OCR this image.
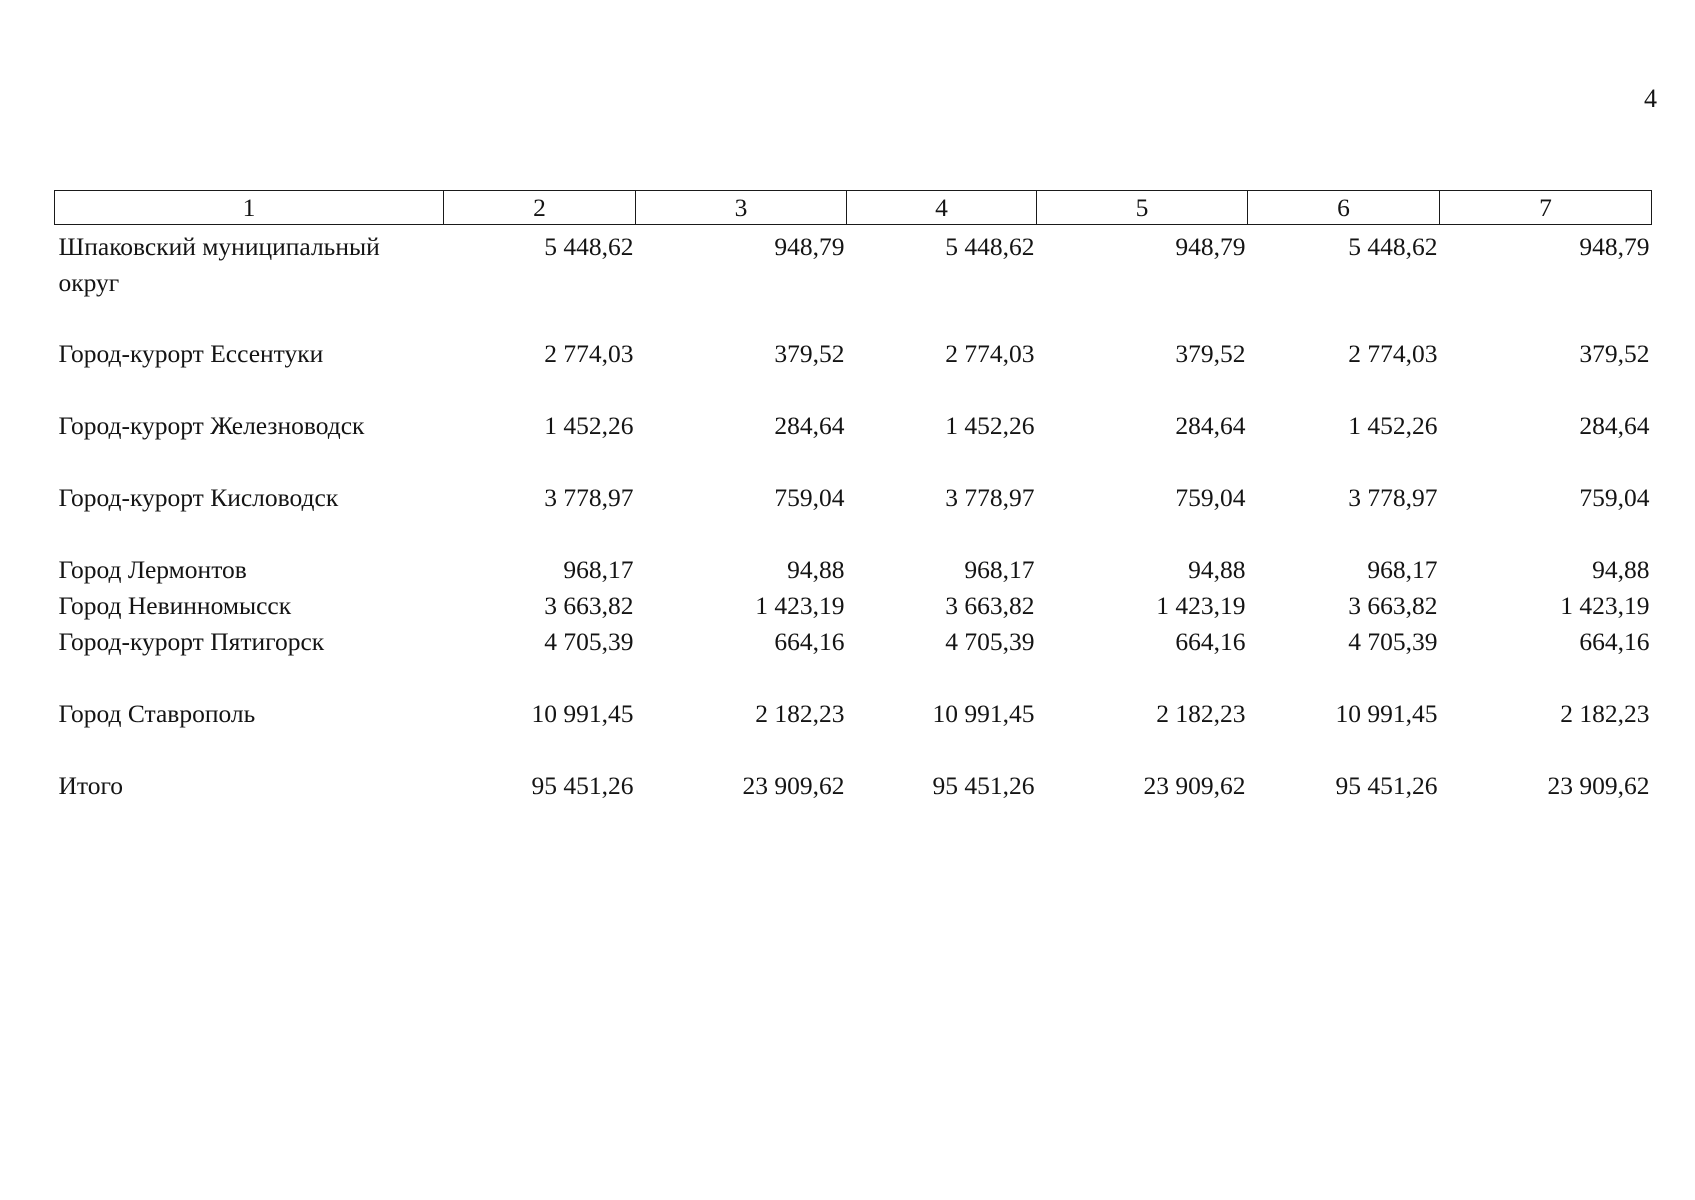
4
1	2	3	4	5	6	7
Шпаковский муниципальный округ	5 448,62	948,79	5 448,62	948,79	5 448,62	948,79
Город-курорт Ессентуки	2 774,03	379,52	2 774,03	379,52	2 774,03	379,52
Город-курорт Железноводск	1 452,26	284,64	1 452,26	284,64	1 452,26	284,64
Город-курорт Кисловодск	3 778,97	759,04	3 778,97	759,04	3 778,97	759,04
Город Лермонтов	968,17	94,88	968,17	94,88	968,17	94,88
Город Невинномысск	3 663,82	1 423,19	3 663,82	1 423,19	3 663,82	1 423,19
Город-курорт Пятигорск	4 705,39	664,16	4 705,39	664,16	4 705,39	664,16
Город Ставрополь	10 991,45	2 182,23	10 991,45	2 182,23	10 991,45	2 182,23
Итого	95 451,26	23 909,62	95 451,26	23 909,62	95 451,26	23 909,62
